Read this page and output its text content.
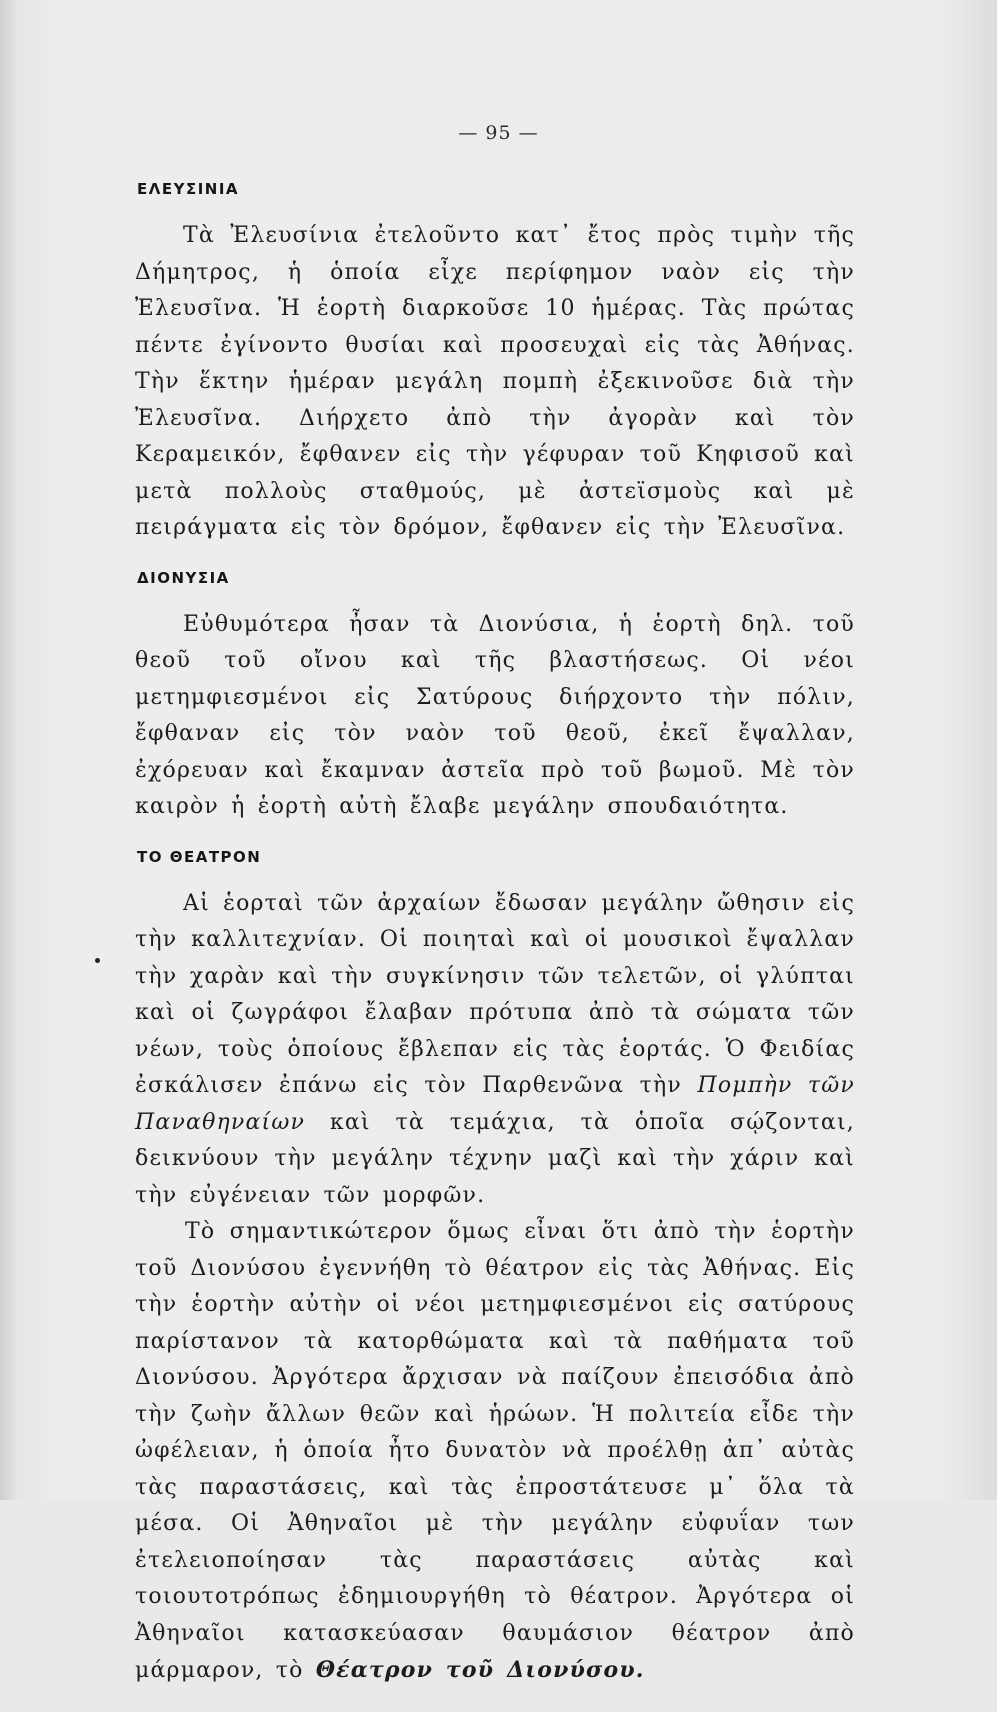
— 95 —
ΕΛΕΥΣΙΝΙΑ

Τὰ Ἐλευσίνια ἐτελοῦντο κατ᾽ ἔτος πρὸς τιμὴν τῆς Δήμητρος, ἡ ὁποία εἶχε περίφημον ναὸν εἰς τὴν Ἐλευσῖνα. Ἡ ἑορτὴ διαρκοῦσε 10 ἡμέρας. Τὰς πρώτας πέντε ἐγίνοντο θυσίαι καὶ προσευχαὶ εἰς τὰς Ἀθήνας. Τὴν ἕκτην ἡμέραν μεγάλη πομπὴ ἐξεκινοῦσε διὰ τὴν Ἐλευσῖνα. Διήρχετο ἀπὸ τὴν ἀγορὰν καὶ τὸν Κεραμεικόν, ἔφθανεν εἰς τὴν γέφυραν τοῦ Κηφισοῦ καὶ μετὰ πολλοὺς σταθμούς, μὲ ἀστεϊσμοὺς καὶ μὲ πειράγματα εἰς τὸν δρόμον, ἔφθανεν εἰς τὴν Ἐλευσῖνα.

ΔΙΟΝΥΣΙΑ

Εὐθυμότερα ἦσαν τὰ Διονύσια, ἡ ἑορτὴ δηλ. τοῦ θεοῦ τοῦ οἴνου καὶ τῆς βλαστήσεως. Οἱ νέοι μετημφιεσμένοι εἰς Σατύρους διήρχοντο τὴν πόλιν, ἔφθαναν εἰς τὸν ναὸν τοῦ θεοῦ, ἐκεῖ ἔψαλλαν, ἐχόρευαν καὶ ἔκαμναν ἀστεῖα πρὸ τοῦ βωμοῦ. Μὲ τὸν καιρὸν ἡ ἑορτὴ αὐτὴ ἔλαβε μεγάλην σπουδαιότητα.

ΤΟ ΘΕΑΤΡΟΝ

Αἱ ἑορταὶ τῶν ἀρχαίων ἔδωσαν μεγάλην ὤθησιν εἰς τὴν καλλιτεχνίαν. Οἱ ποιηταὶ καὶ οἱ μουσικοὶ ἔψαλλαν τὴν χαρὰν καὶ τὴν συγκίνησιν τῶν τελετῶν, οἱ γλύπται καὶ οἱ ζωγράφοι ἔλαβαν πρότυπα ἀπὸ τὰ σώματα τῶν νέων, τοὺς ὁποίους ἔβλεπαν εἰς τὰς ἑορτάς. Ὁ Φειδίας ἐσκάλισεν ἐπάνω εἰς τὸν Παρθενῶνα τὴν Πομπὴν τῶν Παναθηναίων καὶ τὰ τεμάχια, τὰ ὁποῖα σῴζονται, δεικνύουν τὴν μεγάλην τέχνην μαζὶ καὶ τὴν χάριν καὶ τὴν εὐγένειαν τῶν μορφῶν.

Τὸ σημαντικώτερον ὅμως εἶναι ὅτι ἀπὸ τὴν ἑορτὴν τοῦ Διονύσου ἐγεννήθη τὸ θέατρον εἰς τὰς Ἀθήνας. Εἰς τὴν ἑορτὴν αὐτὴν οἱ νέοι μετημφιεσμένοι εἰς σατύρους παρίστανον τὰ κατορθώματα καὶ τὰ παθήματα τοῦ Διονύσου. Ἀργότερα ἄρχισαν νὰ παίζουν ἐπεισόδια ἀπὸ τὴν ζωὴν ἄλλων θεῶν καὶ ἡρώων. Ἡ πολιτεία εἶδε τὴν ὠφέλειαν, ἡ ὁποία ἦτο δυνατὸν νὰ προέλθῃ ἀπ᾽ αὐτὰς τὰς παραστάσεις, καὶ τὰς ἐπροστάτευσε μ᾽ ὅλα τὰ μέσα. Οἱ Ἀθηναῖοι μὲ τὴν μεγάλην εὐφυΐαν των ἐτελειοποίησαν τὰς παραστάσεις αὐτὰς καὶ τοιουτοτρόπως ἐδημιουργήθη τὸ θέατρον. Ἀργότερα οἱ Ἀθηναῖοι κατασκεύασαν θαυμάσιον θέατρον ἀπὸ μάρμαρον, τὸ Θέατρον τοῦ Διονύσου.
